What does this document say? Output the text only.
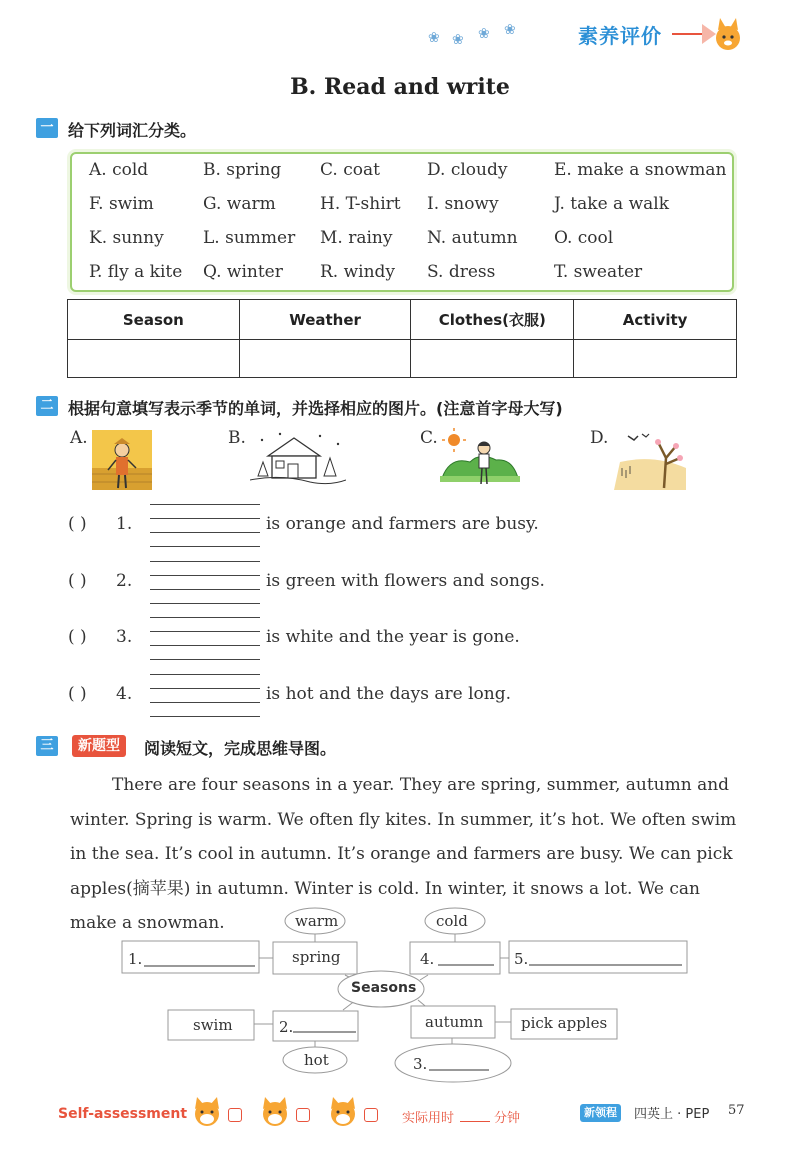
❀ ❀ ❀ ❀	素养评价
B. Read and write
一 给下列词汇分类。
A. cold	B. spring C. coat	D. cloudy	E. make a snowman
F. swim	G. warm	H. T-shirt I. snowy	J. take a walk
K. sunny L. summer M. rainy N. autumn O. cool
P. fly a kite Q. winter R. windy S. dress	T. sweater
Season	Weather	Clothes(衣服)	Activity

二 根据句意填写表示季节的单词，并选择相应的图片。(注意首字母大写)
A.	B.	C.	D.
( ) 1.	is orange and farmers are busy.
( ) 2.	is green with flowers and songs.
( ) 3.	is white and the year is gone.
( ) 4.	is hot and the days are long.
三	新题型	阅读短文，完成思维导图。

There are four seasons in a year. They are spring, summer, autumn and winter. Spring is warm. We often fly kites. In summer, it’s hot. We often swim in the sea. It’s cool in autumn. It’s orange and farmers are busy. We can pick apples(摘苹果) in autumn. Winter is cold. In winter, it snows a lot. We can make a snowman.	warm	cold
1.	spring	4.	5.
Seasons
swim	2.	autumn	pick apples
hot	3.
Self-assessment	实际用时	分钟	新领程	四英上 · PEP 57
